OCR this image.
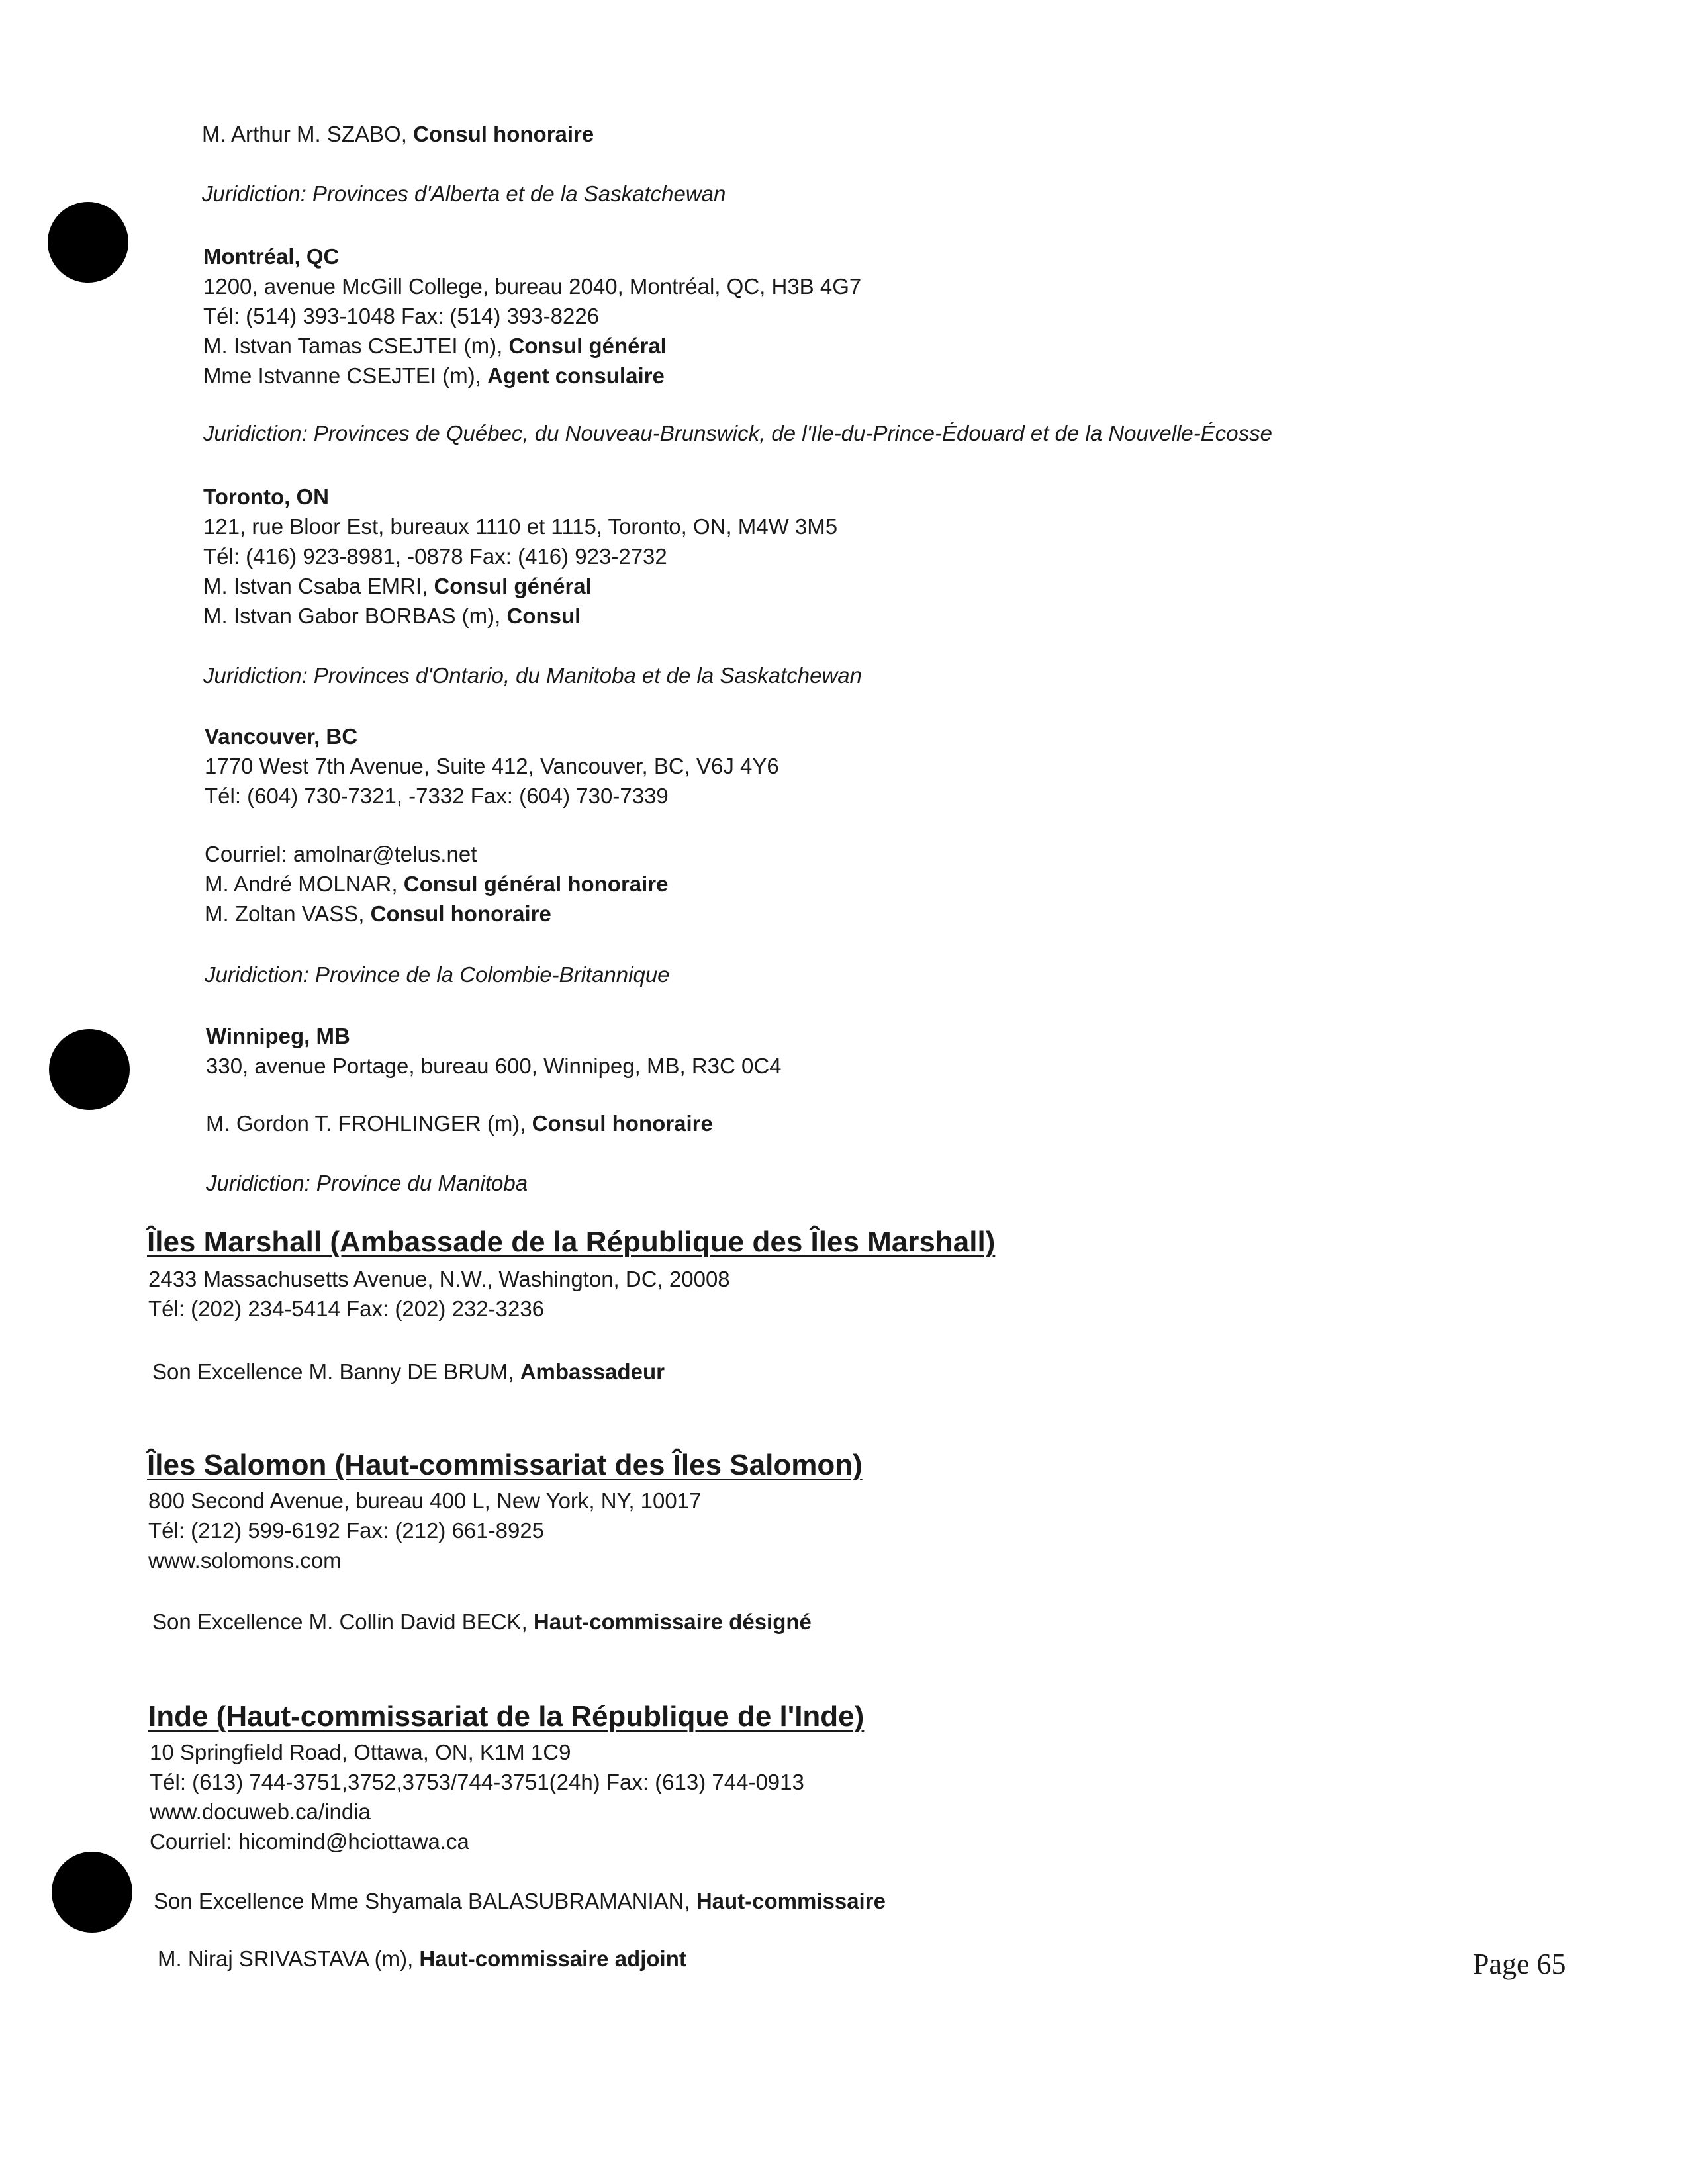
M. Arthur M. SZABO, Consul honoraire
Juridiction: Provinces d'Alberta et de la Saskatchewan
Montréal, QC
1200, avenue McGill College, bureau 2040, Montréal, QC, H3B 4G7
Tél: (514) 393-1048 Fax: (514) 393-8226
M. Istvan Tamas CSEJTEI (m), Consul général
Mme Istvanne CSEJTEI (m), Agent consulaire
Juridiction: Provinces de Québec, du Nouveau-Brunswick, de l'Ile-du-Prince-Édouard et de la Nouvelle-Écosse
Toronto, ON
121, rue Bloor Est, bureaux 1110 et 1115, Toronto, ON, M4W 3M5
Tél: (416) 923-8981, -0878 Fax: (416) 923-2732
M. Istvan Csaba EMRI, Consul général
M. Istvan Gabor BORBAS (m), Consul
Juridiction: Provinces d'Ontario, du Manitoba et de la Saskatchewan
Vancouver, BC
1770 West 7th Avenue, Suite 412, Vancouver, BC, V6J 4Y6
Tél: (604) 730-7321, -7332 Fax: (604) 730-7339
Courriel: amolnar@telus.net
M. André MOLNAR, Consul général honoraire
M. Zoltan VASS, Consul honoraire
Juridiction: Province de la Colombie-Britannique
Winnipeg, MB
330, avenue Portage, bureau 600, Winnipeg, MB, R3C 0C4
M. Gordon T. FROHLINGER (m), Consul honoraire
Juridiction: Province du Manitoba
Îles Marshall (Ambassade de la République des Îles Marshall)
2433 Massachusetts Avenue, N.W., Washington, DC, 20008
Tél: (202) 234-5414 Fax: (202) 232-3236
Son Excellence M. Banny DE BRUM, Ambassadeur
Îles Salomon (Haut-commissariat des Îles Salomon)
800 Second Avenue, bureau 400 L, New York, NY, 10017
Tél: (212) 599-6192 Fax: (212) 661-8925
www.solomons.com
Son Excellence M. Collin David BECK, Haut-commissaire désigné
Inde (Haut-commissariat de la République de l'Inde)
10 Springfield Road, Ottawa, ON, K1M 1C9
Tél: (613) 744-3751,3752,3753/744-3751(24h) Fax: (613) 744-0913
www.docuweb.ca/india
Courriel: hicomind@hciottawa.ca
Son Excellence Mme Shyamala BALASUBRAMANIAN, Haut-commissaire
M. Niraj SRIVASTAVA (m), Haut-commissaire adjoint	Page 65
